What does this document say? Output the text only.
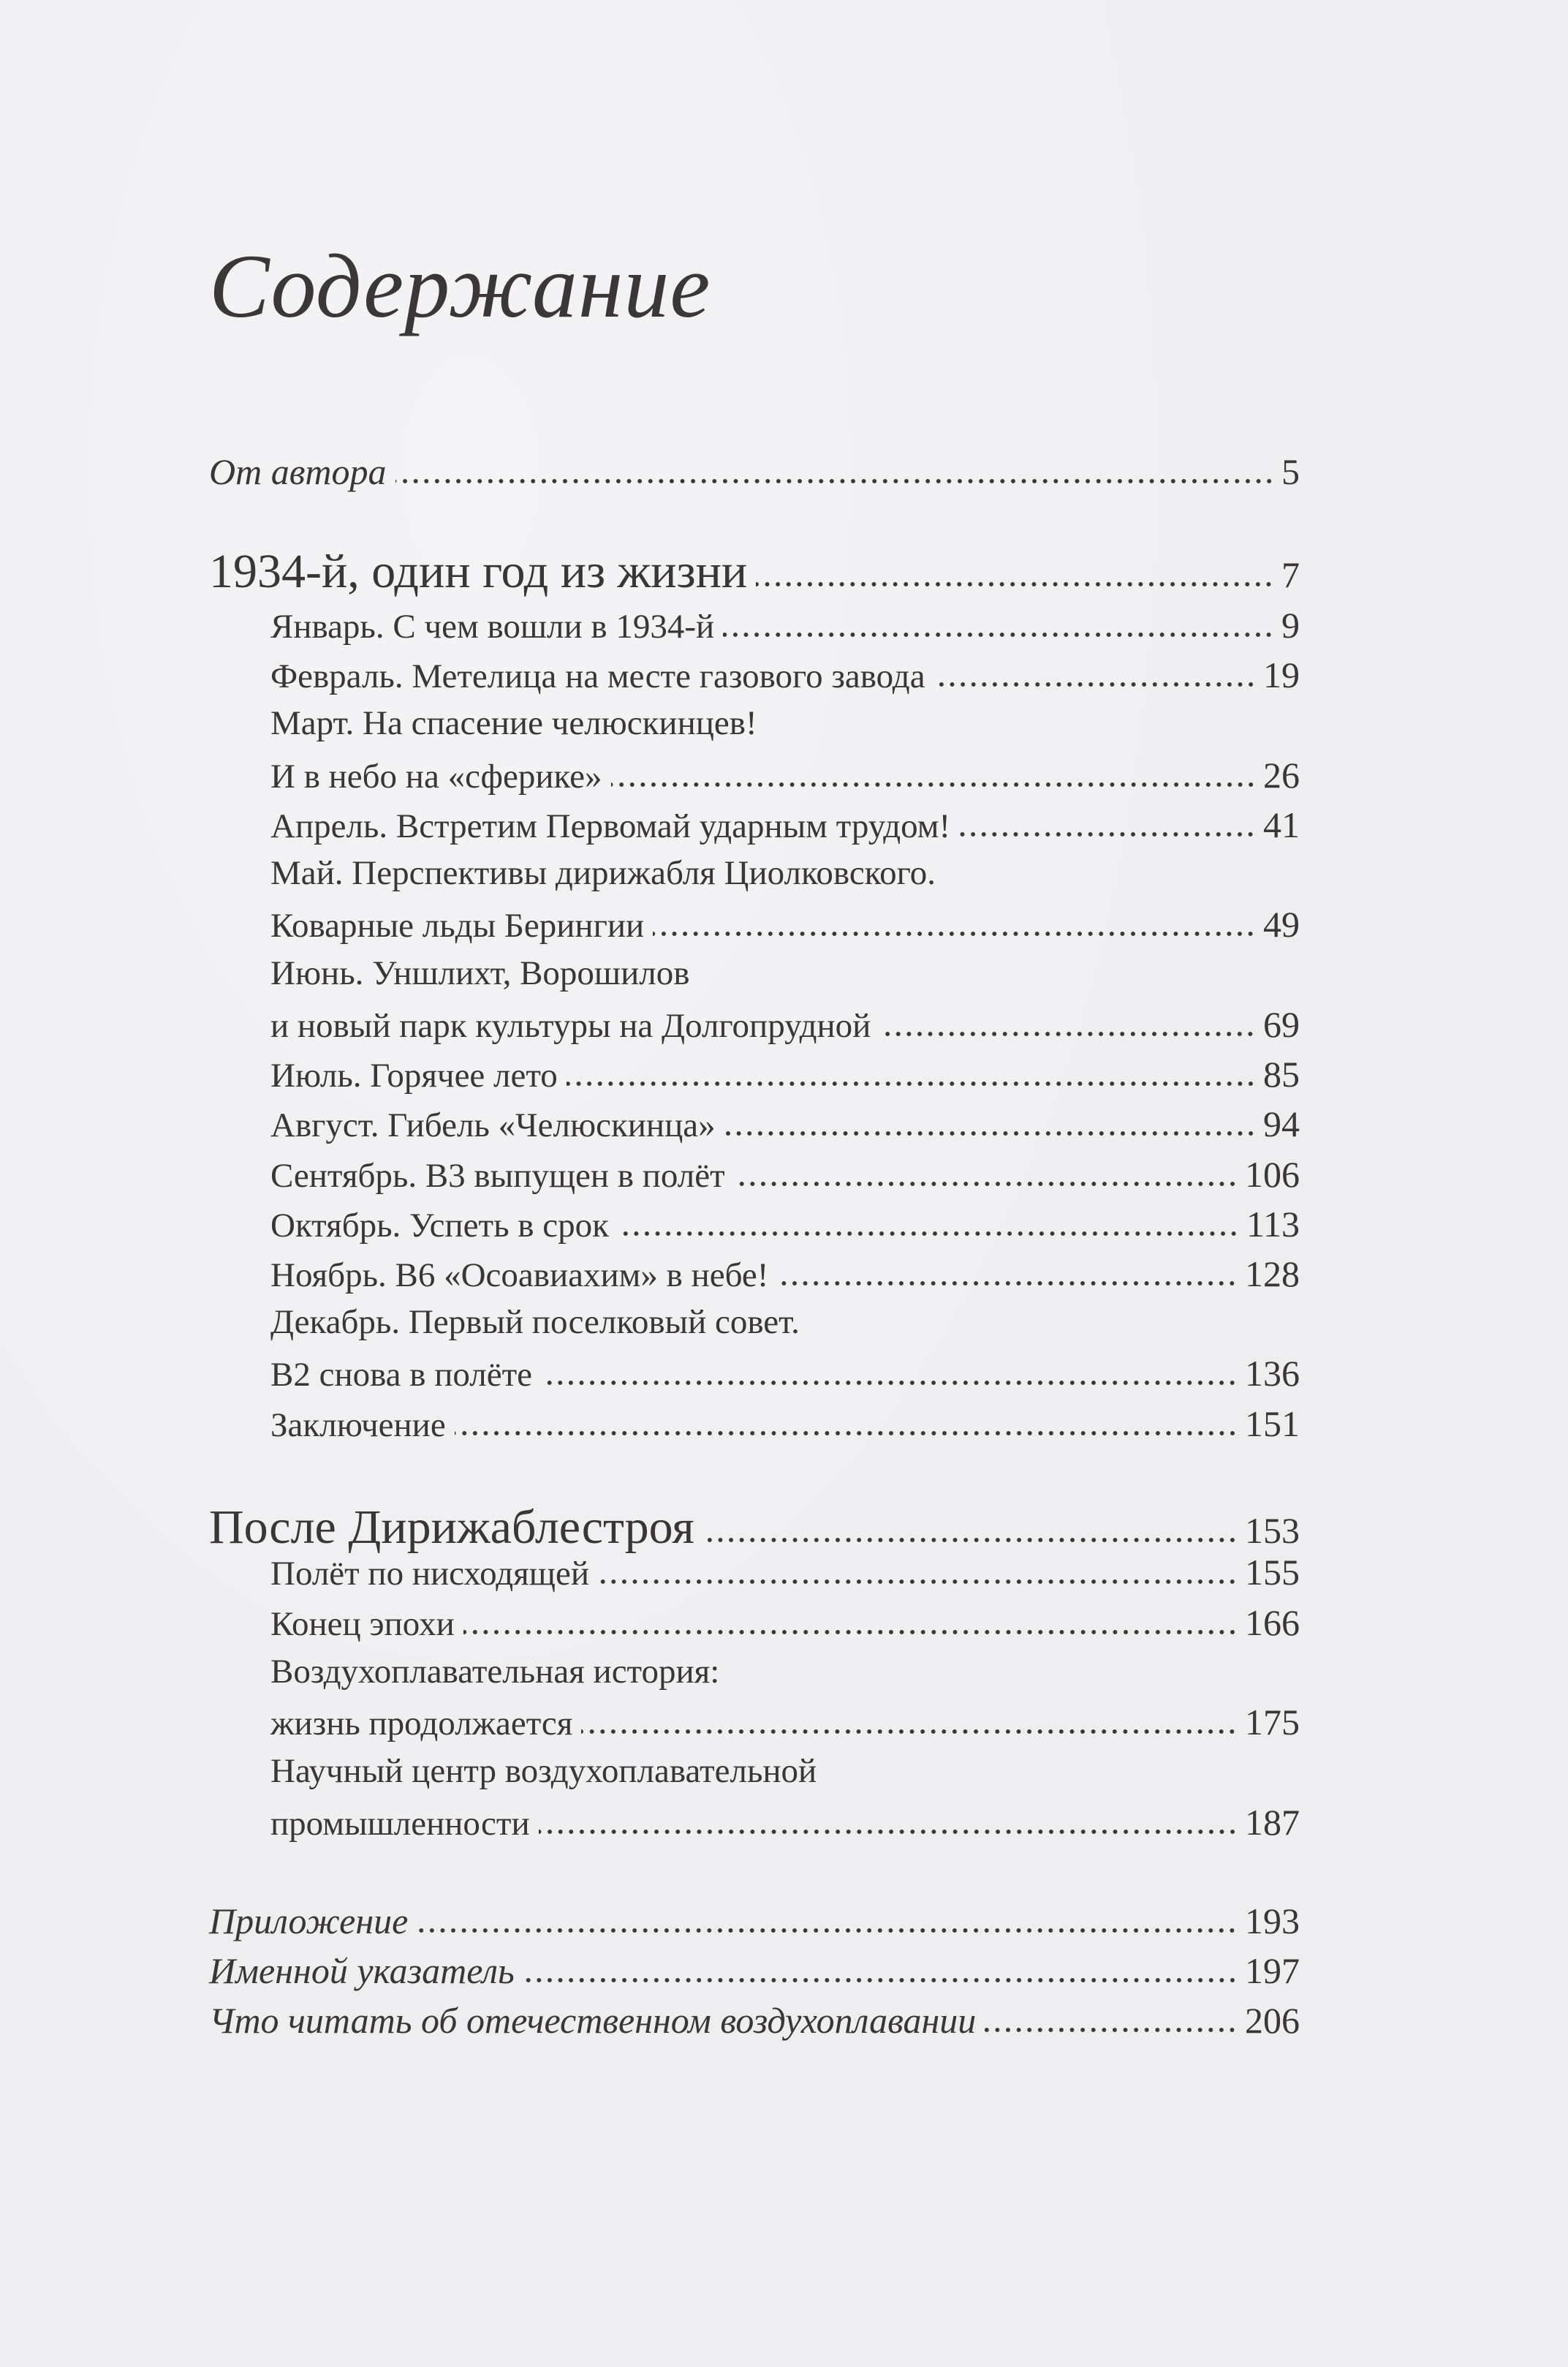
Содержание
От автора	5
1934-й, один год из жизни	7
Январь. С чем вошли в 1934-й	9
Февраль. Метелица на месте газового завода	19
Март. На спасение челюскинцев!
И в небо на «сферике»	26
Апрель. Встретим Первомай ударным трудом!	41
Май. Перспективы дирижабля Циолковского.
Коварные льды Берингии	49
Июнь. Уншлихт, Ворошилов
и новый парк культуры на Долгопрудной	69
Июль. Горячее лето	85
Август. Гибель «Челюскинца»	94
Сентябрь. В3 выпущен в полёт	106
Октябрь. Успеть в срок	113
Ноябрь. В6 «Осоавиахим» в небе!	128
Декабрь. Первый поселковый совет.
В2 снова в полёте	136
Заключение	151
После Дирижаблестроя	153
Полёт по нисходящей	155
Конец эпохи	166
Воздухоплавательная история:
жизнь продолжается	175
Научный центр воздухоплавательной
промышленности	187
Приложение	193
Именной указатель	197
Что читать об отечественном воздухоплавании	206
